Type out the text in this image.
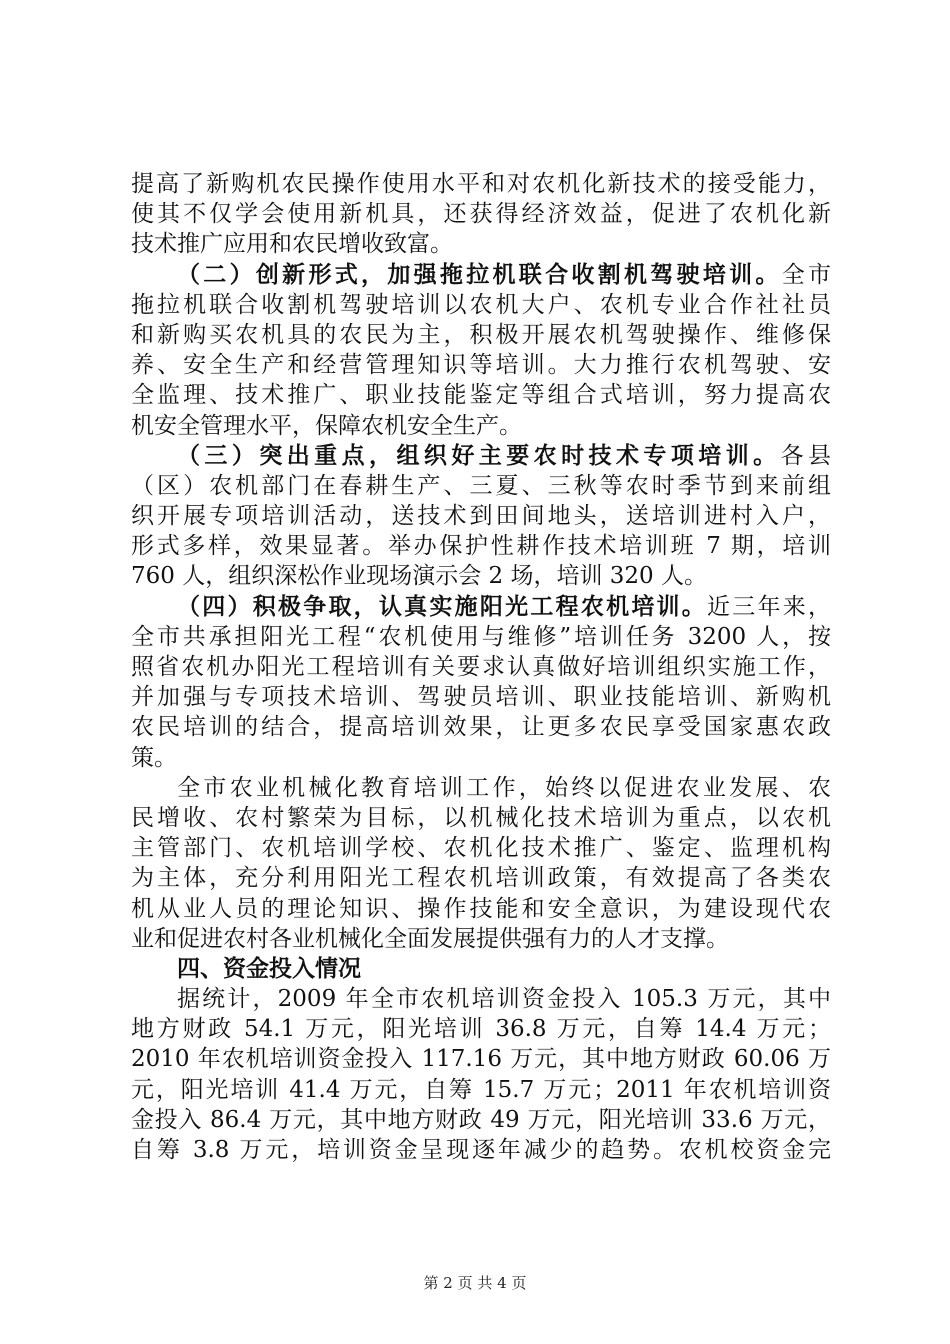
提高了新购机农民操作使用水平和对农机化新技术的接受能力，
使其不仅学会使用新机具，还获得经济效益，促进了农机化新
技术推广应用和农民增收致富。
（二）创新形式，加强拖拉机联合收割机驾驶培训。全市
拖拉机联合收割机驾驶培训以农机大户、农机专业合作社社员
和新购买农机具的农民为主，积极开展农机驾驶操作、维修保
养、安全生产和经营管理知识等培训。大力推行农机驾驶、安
全监理、技术推广、职业技能鉴定等组合式培训，努力提高农
机安全管理水平，保障农机安全生产。
（三）突出重点，组织好主要农时技术专项培训。各县
（区）农机部门在春耕生产、三夏、三秋等农时季节到来前组
织开展专项培训活动，送技术到田间地头，送培训进村入户，
形式多样，效果显著。举办保护性耕作技术培训班 7 期，培训
760 人，组织深松作业现场演示会 2 场，培训 320 人。
（四）积极争取，认真实施阳光工程农机培训。近三年来，
全市共承担阳光工程“农机使用与维修”培训任务 3200 人，按
照省农机办阳光工程培训有关要求认真做好培训组织实施工作，
并加强与专项技术培训、驾驶员培训、职业技能培训、新购机
农民培训的结合，提高培训效果，让更多农民享受国家惠农政
策。
全市农业机械化教育培训工作，始终以促进农业发展、农
民增收、农村繁荣为目标，以机械化技术培训为重点，以农机
主管部门、农机培训学校、农机化技术推广、鉴定、监理机构
为主体，充分利用阳光工程农机培训政策，有效提高了各类农
机从业人员的理论知识、操作技能和安全意识，为建设现代农
业和促进农村各业机械化全面发展提供强有力的人才支撑。
四、资金投入情况
据统计，2009 年全市农机培训资金投入 105.3 万元，其中
地方财政 54.1 万元，阳光培训 36.8 万元，自筹 14.4 万元；
2010 年农机培训资金投入 117.16 万元，其中地方财政 60.06 万
元，阳光培训 41.4 万元，自筹 15.7 万元；2011 年农机培训资
金投入 86.4 万元，其中地方财政 49 万元，阳光培训 33.6 万元，
自筹 3.8 万元，培训资金呈现逐年减少的趋势。农机校资金完
第 2 页 共 4 页
